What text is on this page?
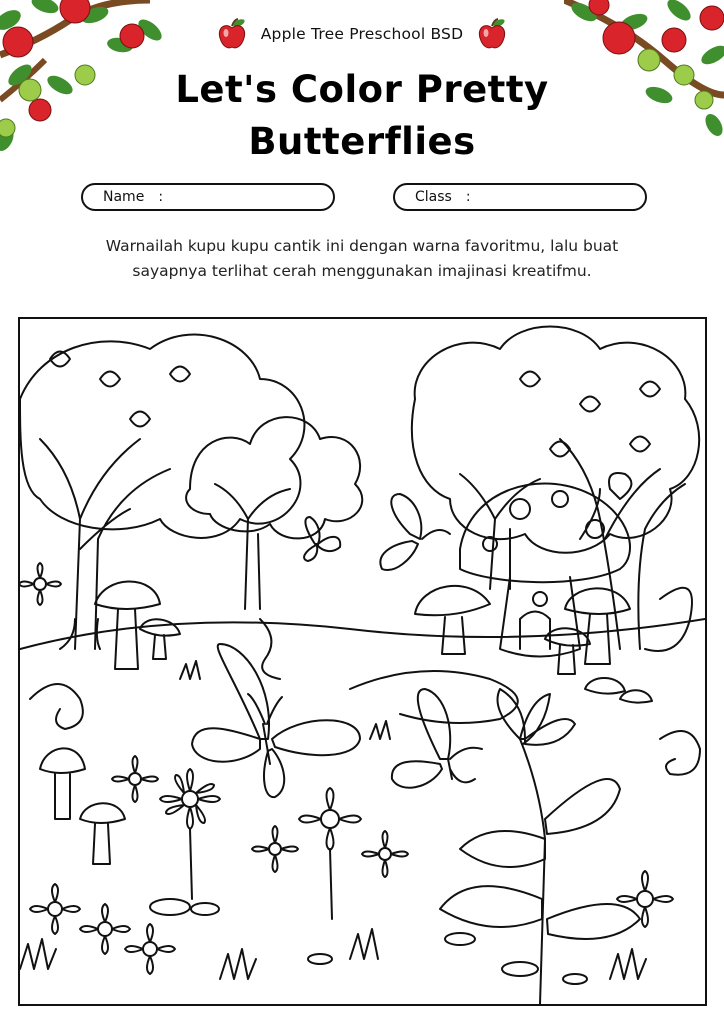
Apple Tree Preschool BSD
Let's Color Pretty
Butterflies
Name :	Class :
Warnailah kupu kupu cantik ini dengan warna favoritmu, lalu buat
sayapnya terlihat cerah menggunakan imajinasi kreatifmu.
